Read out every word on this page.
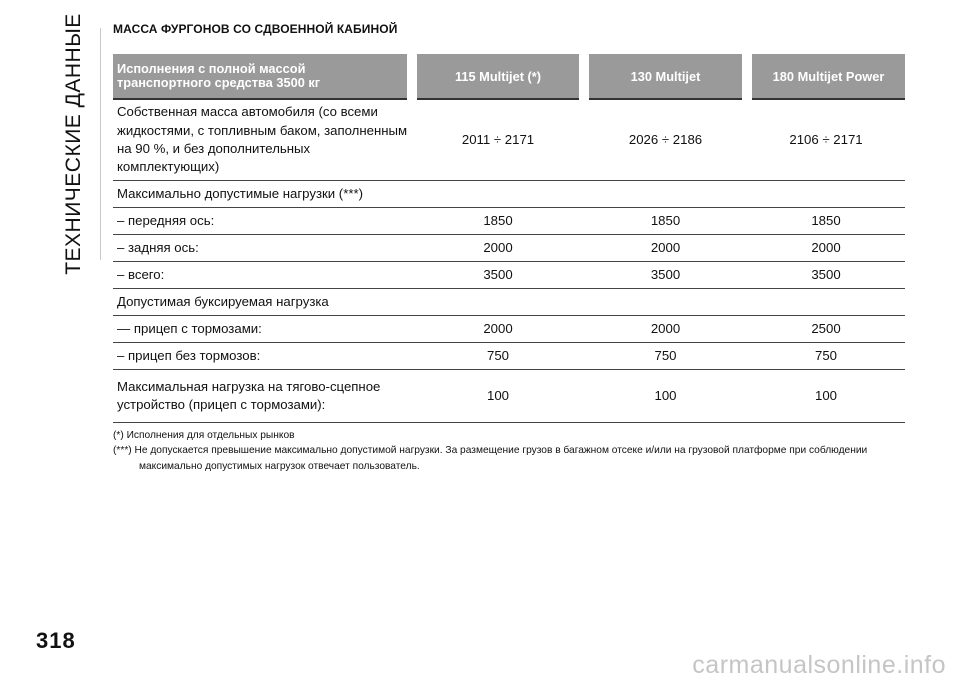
ТЕХНИЧЕСКИЕ ДАННЫЕ МАССА ФУРГОНОВ СО СДВОЕННОЙ КАБИНОЙ
Исполнения с полной массой транспортного средства 3500 кг	115 Multijet (*)	130 Multijet	180 Multijet Power
Собственная масса автомобиля (со всеми жидкостями, с топливным баком, заполненным на 90 %, и без дополнительных комплектующих)	2011 ÷ 2171	2026 ÷ 2186	2106 ÷ 2171
Максимально допустимые нагрузки (***)			
– передняя ось:	1850	1850	1850
– задняя ось:	2000	2000	2000
– всего:	3500	3500	3500
Допустимая буксируемая нагрузка			
— прицеп с тормозами:	2000	2000	2500
– прицеп без тормозов:	750	750	750
Максимальная нагрузка на тягово-сцепное устройство (прицеп с тормозами):	100	100	100

(*) Исполнения для отдельных рынков

(***) Не допускается превышение максимально допустимой нагрузки. За размещение грузов в багажном отсеке и/или на грузовой платформе при соблюдении

максимально допустимых нагрузок отвечает пользователь.

318

carmanualsonline.info
